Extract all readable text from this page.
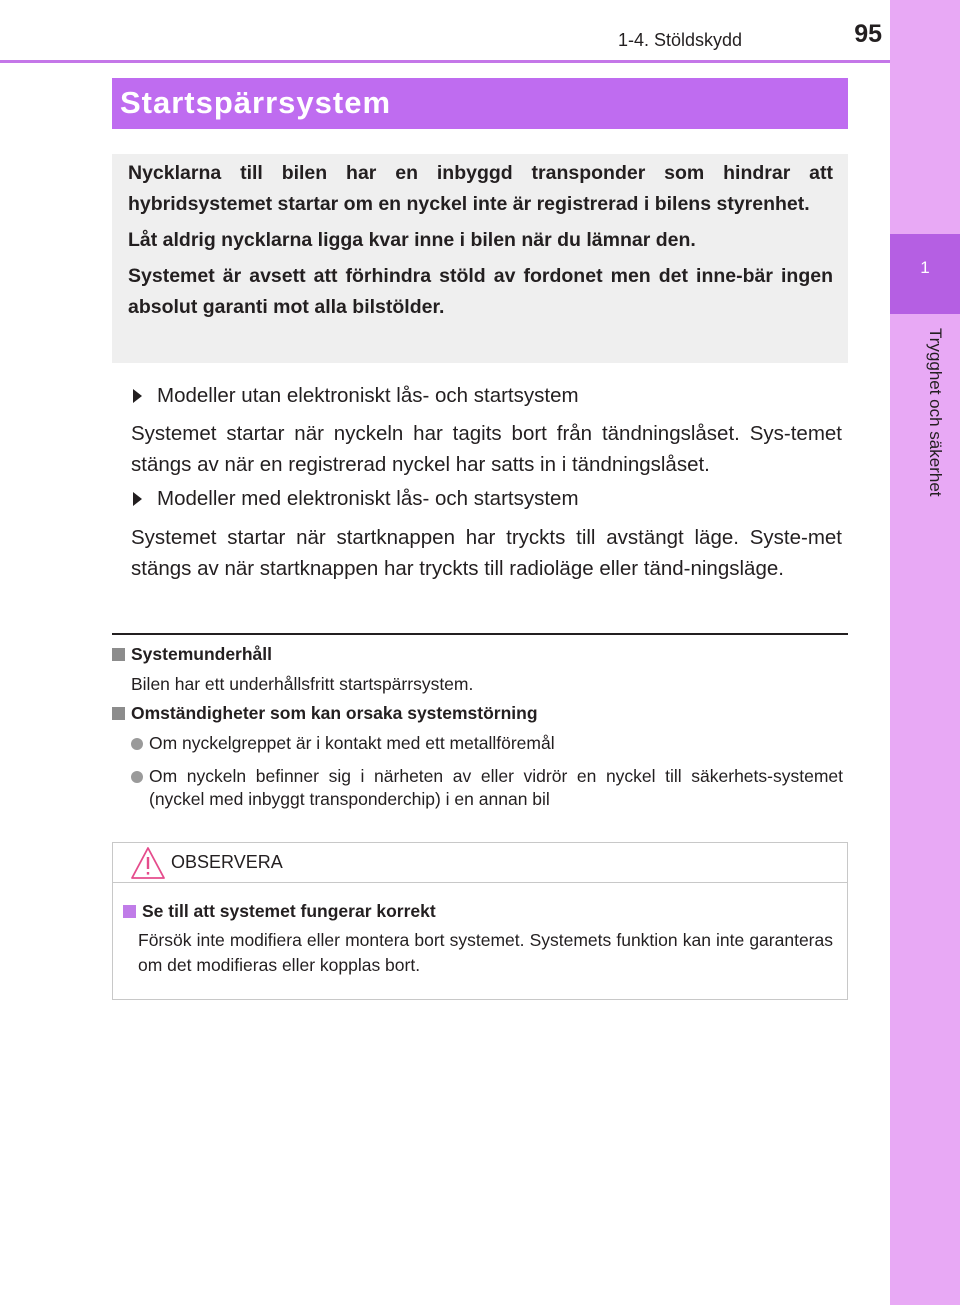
1
Trygghet och säkerhet
1-4. Stöldskydd	95
Startspärrsystem

Nycklarna till bilen har en inbyggd transponder som hindrar att hybridsystemet startar om en nyckel inte är registrerad i bilens styrenhet.

Låt aldrig nycklarna ligga kvar inne i bilen när du lämnar den.

Systemet är avsett att förhindra stöld av fordonet men det inne-bär ingen absolut garanti mot alla bilstölder.

Modeller utan elektroniskt lås- och startsystem
Systemet startar när nyckeln har tagits bort från tändningslåset. Sys-temet stängs av när en registrerad nyckel har satts in i tändningslåset.
Modeller med elektroniskt lås- och startsystem
Systemet startar när startknappen har tryckts till avstängt läge. Syste-met stängs av när startknappen har tryckts till radioläge eller tänd-ningsläge.
Systemunderhåll
Bilen har ett underhållsfritt startspärrsystem.
Omständigheter som kan orsaka systemstörning
Om nyckelgreppet är i kontakt med ett metallföremål
Om nyckeln befinner sig i närheten av eller vidrör en nyckel till säkerhets-systemet (nyckel med inbyggt transponderchip) i en annan bil
OBSERVERA
Se till att systemet fungerar korrekt
Försök inte modifiera eller montera bort systemet. Systemets funktion kan inte garanteras om det modifieras eller kopplas bort.
